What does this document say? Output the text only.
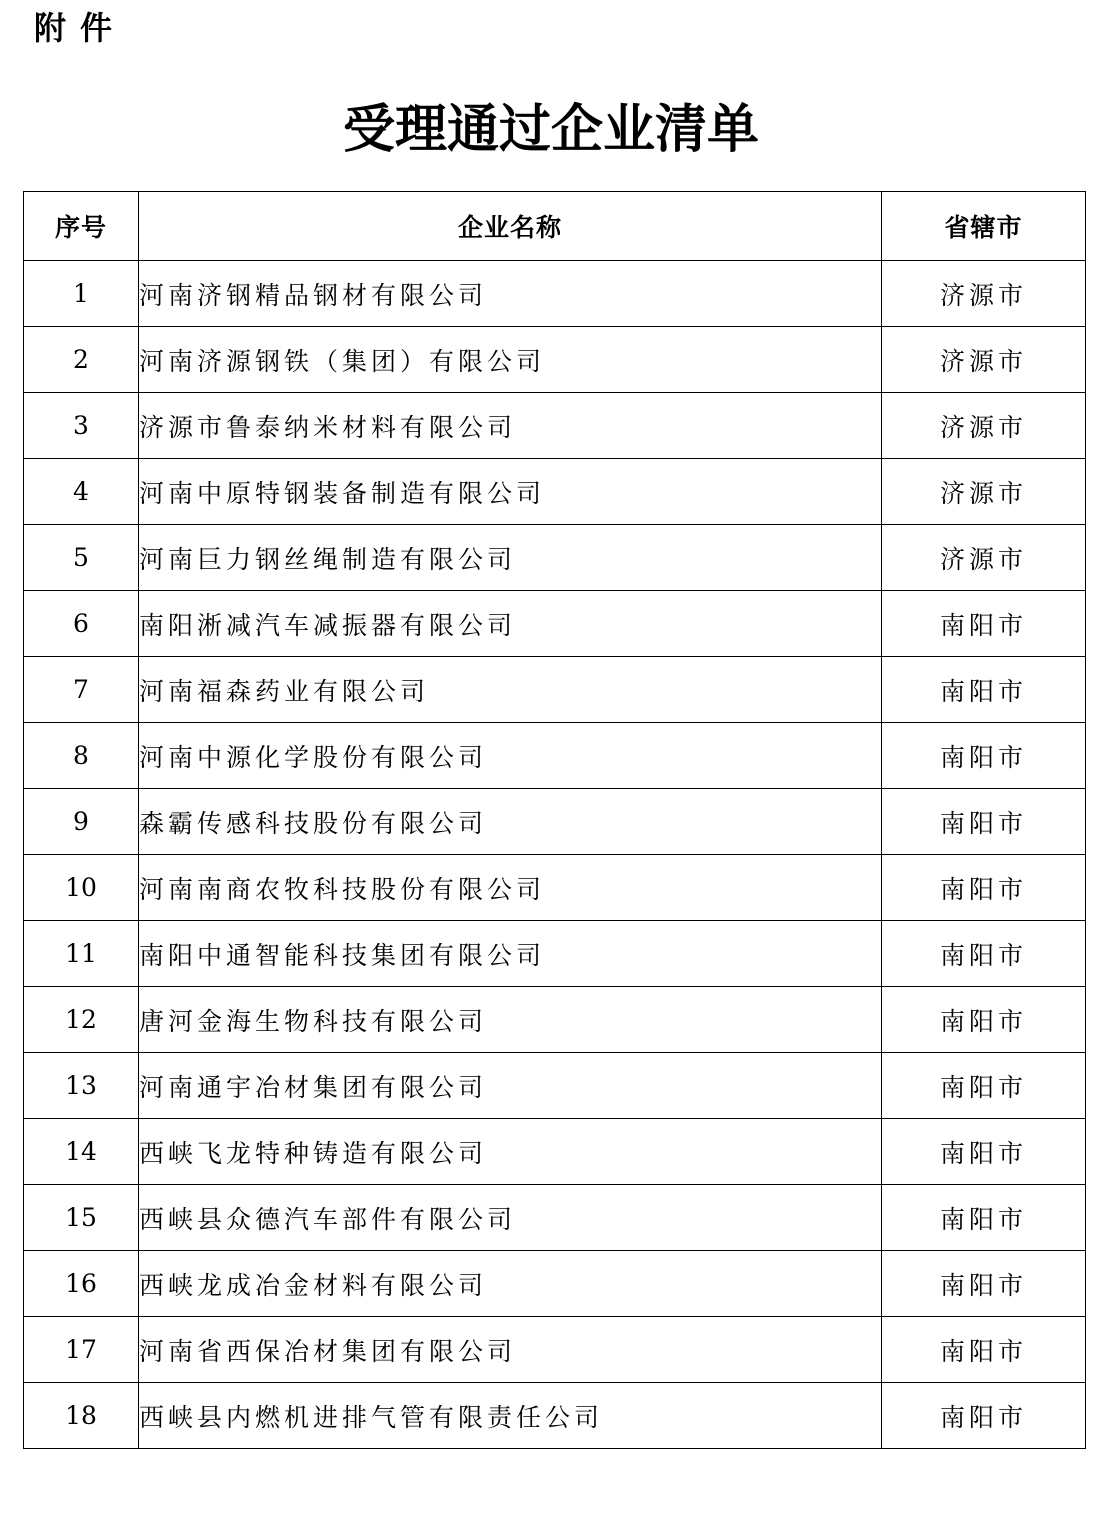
附件
受理通过企业清单
序号	企业名称	省辖市
1	河南济钢精品钢材有限公司	济源市
2	河南济源钢铁（集团）有限公司	济源市
3	济源市鲁泰纳米材料有限公司	济源市
4	河南中原特钢装备制造有限公司	济源市
5	河南巨力钢丝绳制造有限公司	济源市
6	南阳淅减汽车减振器有限公司	南阳市
7	河南福森药业有限公司	南阳市
8	河南中源化学股份有限公司	南阳市
9	森霸传感科技股份有限公司	南阳市
10	河南南商农牧科技股份有限公司	南阳市
11	南阳中通智能科技集团有限公司	南阳市
12	唐河金海生物科技有限公司	南阳市
13	河南通宇冶材集团有限公司	南阳市
14	西峡飞龙特种铸造有限公司	南阳市
15	西峡县众德汽车部件有限公司	南阳市
16	西峡龙成冶金材料有限公司	南阳市
17	河南省西保冶材集团有限公司	南阳市
18	西峡县内燃机进排气管有限责任公司	南阳市
